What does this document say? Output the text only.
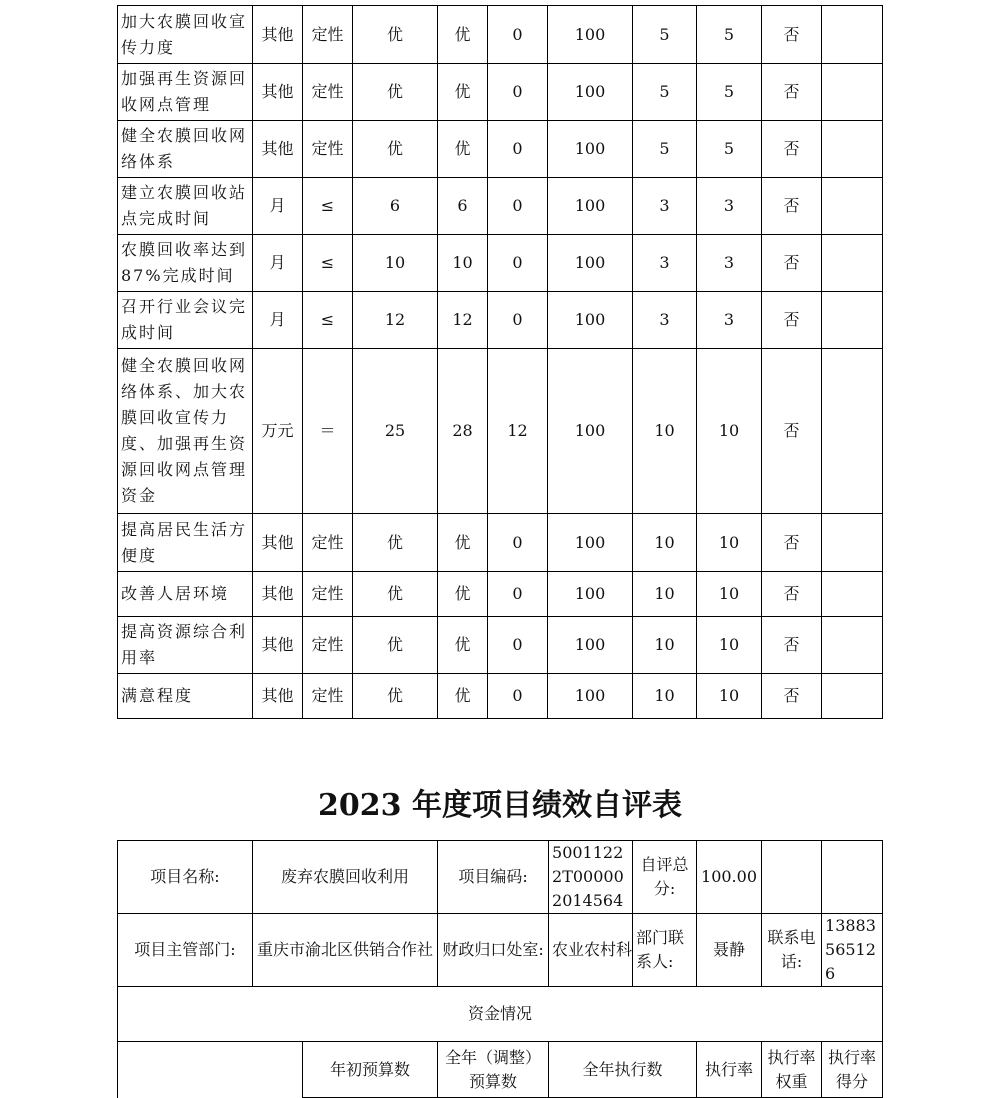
加大农膜回收宣传力度	其他	定性	优	优	0	100	5	5	否	
加强再生资源回收网点管理	其他	定性	优	优	0	100	5	5	否	
健全农膜回收网络体系	其他	定性	优	优	0	100	5	5	否	
建立农膜回收站点完成时间	月	≤	6	6	0	100	3	3	否	
农膜回收率达到87%完成时间	月	≤	10	10	0	100	3	3	否	
召开行业会议完成时间	月	≤	12	12	0	100	3	3	否	
健全农膜回收网络体系、加大农膜回收宣传力度、加强再生资源回收网点管理资金	万元	＝	25	28	12	100	10	10	否	
提高居民生活方便度	其他	定性	优	优	0	100	10	10	否	
改善人居环境	其他	定性	优	优	0	100	10	10	否	
提高资源综合利用率	其他	定性	优	优	0	100	10	10	否	
满意程度	其他	定性	优	优	0	100	10	10	否	
2023 年度项目绩效自评表
项目名称:	废弃农膜回收利用		项目编码:	50011222T000002014564	自评总分:	100.00		
项目主管部门:	重庆市渝北区供销合作社		财政归口处室:	农业农村科	部门联系人:	聂静	联系电话:	13883565126
资金情况								
		年初预算数	全年（调整）预算数	全年执行数		执行率	执行率权重	执行率得分
